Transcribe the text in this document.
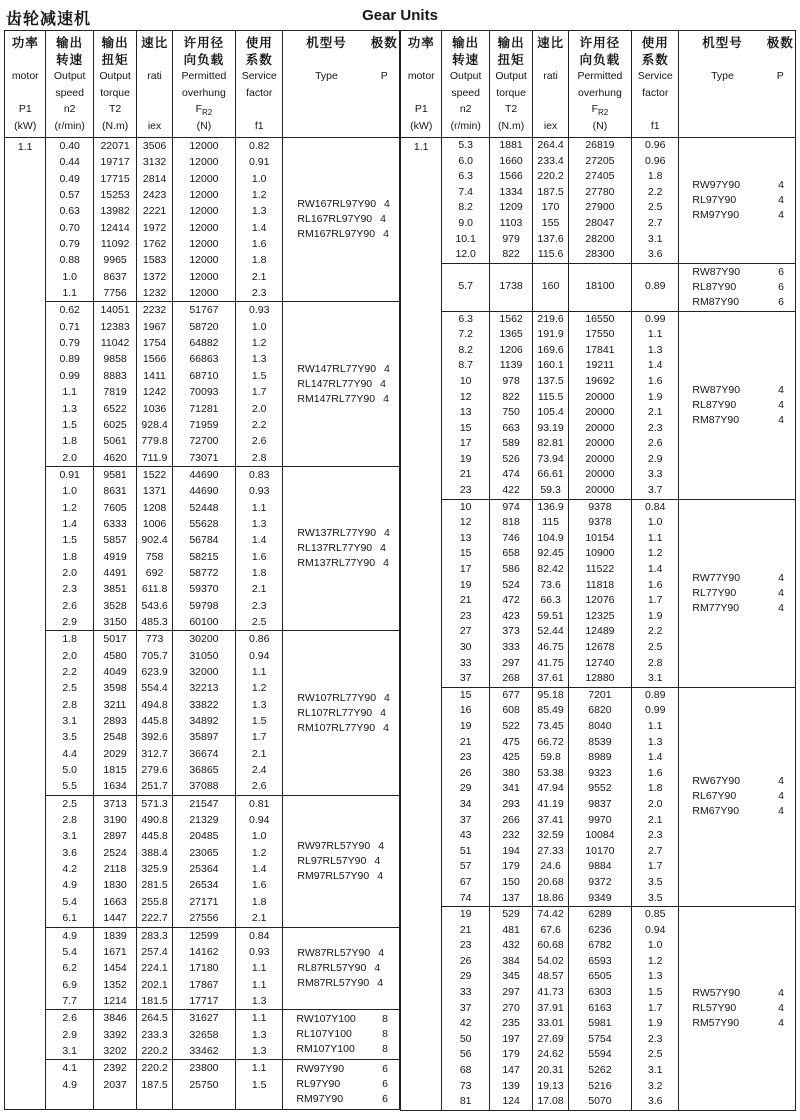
齿轮减速机	Gear Units
功率
motor
P1
(kW)

输出
转速
Output
speed
n2
(r/min)

输出
扭矩
Output
torque
T2
(N.m)

速比
rati
iex

许用径
向负载
Permitted
overhung
$F_{R2}$
(N)

使用
系数
Service
factor
f1

机型号	极数
Type	P

1.1	0.40	22071	3506	12000	0.82	
RW167RL97Y90 4
RL167RL97Y90 4
RM167RL97Y90 4

	0.44	19717	3132	12000	0.91	
	0.49	17715	2814	12000	1.0	
	0.57	15253	2423	12000	1.2	
	0.63	13982	2221	12000	1.3	
	0.70	12414	1972	12000	1.4	
	0.79	11092	1762	12000	1.6	
	0.88	9965	1583	12000	1.8	
	1.0	8637	1372	12000	2.1	
	1.1	7756	1232	12000	2.3	
0.62	14051	2232	51767	0.93	
RW147RL77Y90 4
RL147RL77Y90 4
RM147RL77Y90 4

	0.71	12383	1967	58720	1.0	
	0.79	11042	1754	64882	1.2	
	0.89	9858	1566	66863	1.3	
	0.99	8883	1411	68710	1.5	
	1.1	7819	1242	70093	1.7	
	1.3	6522	1036	71281	2.0	
	1.5	6025	928.4	71959	2.2	
	1.8	5061	779.8	72700	2.6	
	2.0	4620	711.9	73071	2.8	
0.91	9581	1522	44690	0.83	
RW137RL77Y90 4
RL137RL77Y90 4
RM137RL77Y90 4

	1.0	8631	1371	44690	0.93	
	1.2	7605	1208	52448	1.1	
	1.4	6333	1006	55628	1.3	
	1.5	5857	902.4	56784	1.4	
	1.8	4919	758	58215	1.6	
	2.0	4491	692	58772	1.8	
	2.3	3851	611.8	59370	2.1	
	2.6	3528	543.6	59798	2.3	
	2.9	3150	485.3	60100	2.5	
1.8	5017	773	30200	0.86	
RW107RL77Y90 4
RL107RL77Y90 4
RM107RL77Y90 4

	2.0	4580	705.7	31050	0.94	
	2.2	4049	623.9	32000	1.1	
	2.5	3598	554.4	32213	1.2	
	2.8	3211	494.8	33822	1.3	
	3.1	2893	445.8	34892	1.5	
	3.5	2548	392.6	35897	1.7	
	4.4	2029	312.7	36674	2.1	
	5.0	1815	279.6	36865	2.4	
	5.5	1634	251.7	37088	2.6	
2.5	3713	571.3	21547	0.81	
RW97RL57Y90 4
RL97RL57Y90 4
RM97RL57Y90 4

	2.8	3190	490.8	21329	0.94	
	3.1	2897	445.8	20485	1.0	
	3.6	2524	388.4	23065	1.2	
	4.2	2118	325.9	25364	1.4	
	4.9	1830	281.5	26534	1.6	
	5.4	1663	255.8	27171	1.8	
	6.1	1447	222.7	27556	2.1	
4.9	1839	283.3	12599	0.84	
RW87RL57Y90 4
RL87RL57Y90 4
RM87RL57Y90 4

	5.4	1671	257.4	14162	0.93	
	6.2	1454	224.1	17180	1.1	
	6.9	1352	202.1	17867	1.1	
	7.7	1214	181.5	17717	1.3	
2.6	3846	264.5	31627	1.1	RW107Y100	8
RL107Y100	8
RM107Y100	8

	2.9	3392	233.3	32658	1.3	
	3.1	3202	220.2	33462	1.3	
4.1	2392	220.2	23800	1.1	RW97Y90	6
RL97Y90	6
RM97Y90	6

	4.9	2037	187.5	25750	1.5	

功率
motor
P1
(kW)

输出
转速
Output
speed
n2
(r/min)

输出
扭矩
Output
torque
T2
(N.m)

速比
rati
iex

许用径
向负载
Permitted
overhung
$F_{R2}$
(N)

使用
系数
Service
factor
f1

机型号	极数
Type	P

1.1	5.3	1881	264.4	26819	0.96	
RW97Y90	4
RL97Y90	4
RM97Y90	4

	6.0	1660	233.4	27205	0.96	
	6.3	1566	220.2	27405	1.8	
	7.4	1334	187.5	27780	2.2	
	8.2	1209	170	27900	2.5	
	9.0	1103	155	28047	2.7	
	10.1	979	137.6	28200	3.1	
	12.0	822	115.6	28300	3.6	

RW87Y90	6
RL87Y90	6
RM87Y90	6

	5.7	1738	160	18100	0.89	

6.3	1562	219.6	16550	0.99	
RW87Y90	4
RL87Y90	4
RM87Y90	4

	7.2	1365	191.9	17550	1.1	
	8.2	1206	169.6	17841	1.3	
	8.7	1139	160.1	19211	1.4	
	10	978	137.5	19692	1.6	
	12	822	115.5	20000	1.9	
	13	750	105.4	20000	2.1	
	15	663	93.19	20000	2.3	
	17	589	82.81	20000	2.6	
	19	526	73.94	20000	2.9	
	21	474	66.61	20000	3.3	
	23	422	59.3	20000	3.7	
10	974	136.9	9378	0.84	
RW77Y90	4
RL77Y90	4
RM77Y90	4

	12	818	115	9378	1.0	
	13	746	104.9	10154	1.1	
	15	658	92.45	10900	1.2	
	17	586	82.42	11522	1.4	
	19	524	73.6	11818	1.6	
	21	472	66.3	12076	1.7	
	23	423	59.51	12325	1.9	
	27	373	52.44	12489	2.2	
	30	333	46.75	12678	2.5	
	33	297	41.75	12740	2.8	
	37	268	37.61	12880	3.1	
15	677	95.18	7201	0.89	
RW67Y90	4
RL67Y90	4
RM67Y90	4

	16	608	85.49	6820	0.99	
	19	522	73.45	8040	1.1	
	21	475	66.72	8539	1.3	
	23	425	59.8	8989	1.4	
	26	380	53.38	9323	1.6	
	29	341	47.94	9552	1.8	
	34	293	41.19	9837	2.0	
	37	266	37.41	9970	2.1	
	43	232	32.59	10084	2.3	
	51	194	27.33	10170	2.7	
	57	179	24.6	9884	1.7	
	67	150	20.68	9372	3.5	
	74	137	18.86	9349	3.5	
19	529	74.42	6289	0.85	
RW57Y90	4
RL57Y90	4
RM57Y90	4

	21	481	67.6	6236	0.94	
	23	432	60.68	6782	1.0	
	26	384	54.02	6593	1.2	
	29	345	48.57	6505	1.3	
	33	297	41.73	6303	1.5	
	37	270	37.91	6163	1.7	
	42	235	33.01	5981	1.9	
	50	197	27.69	5754	2.3	
	56	179	24.62	5594	2.5	
	68	147	20.31	5262	3.1	
	73	139	19.13	5216	3.2	
	81	124	17.08	5070	3.6	
